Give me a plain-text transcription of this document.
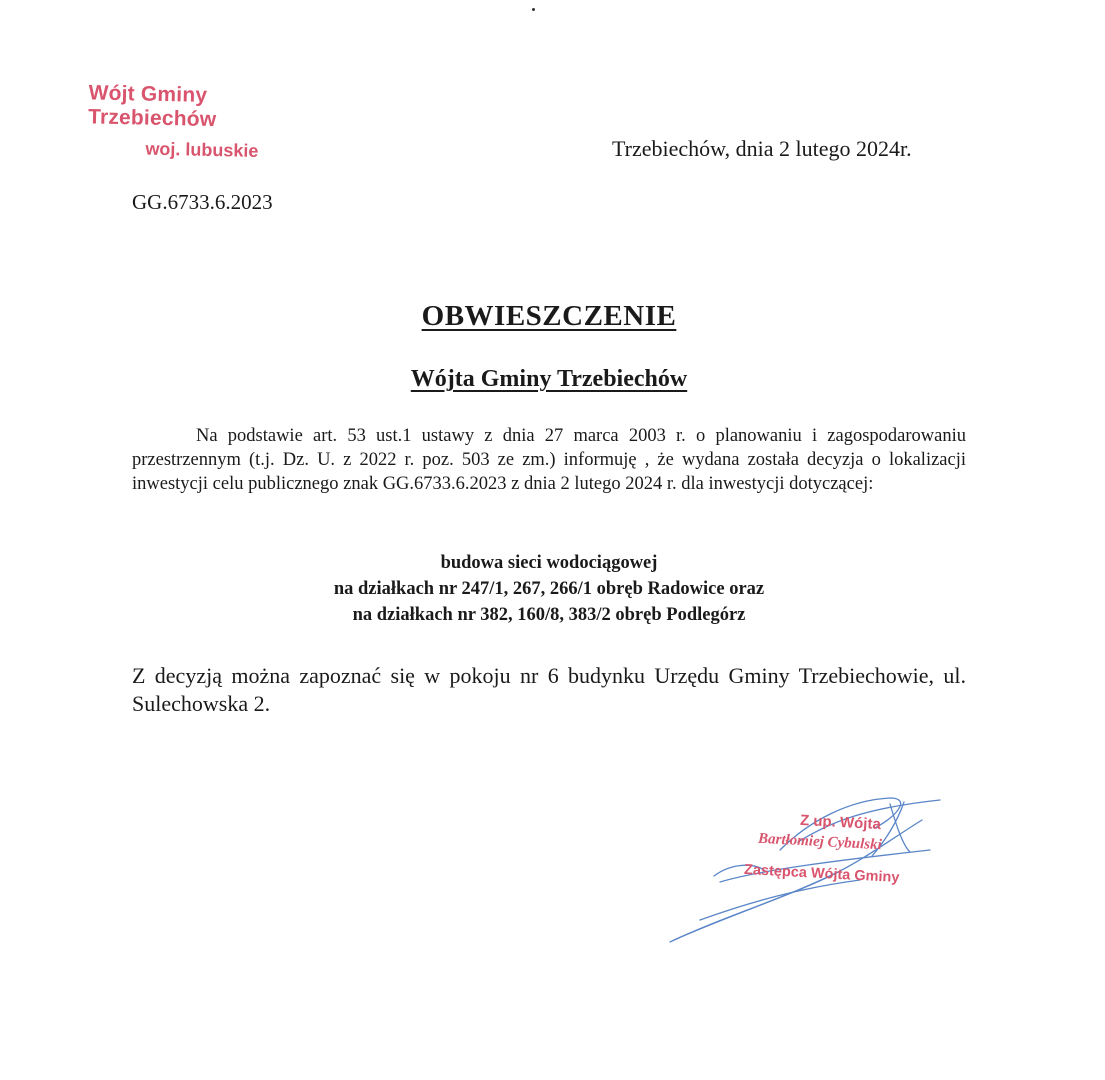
Wójt Gminy Trzebiechów
woj. lubuskie	Trzebiechów, dnia 2 lutego 2024r.
GG.6733.6.2023
OBWIESZCZENIE
Wójta Gminy Trzebiechów

Na podstawie art. 53 ust.1 ustawy z dnia 27 marca 2003 r. o planowaniu i zagospodarowaniu przestrzennym (t.j. Dz. U. z 2022 r. poz. 503 ze zm.) informuję , że wydana została decyzja o lokalizacji inwestycji celu publicznego znak GG.6733.6.2023 z dnia 2 lutego 2024 r. dla inwestycji dotyczącej:

budowa sieci wodociągowej
na działkach nr 247/1, 267, 266/1 obręb Radowice oraz
na działkach nr 382, 160/8, 383/2 obręb Podlegórz

Z decyzją można zapoznać się w pokoju nr 6 budynku Urzędu Gminy Trzebiechowie, ul. Sulechowska 2.

Z up. Wójta
Bartłomiej Cybulski
Zastępca Wójta Gminy
